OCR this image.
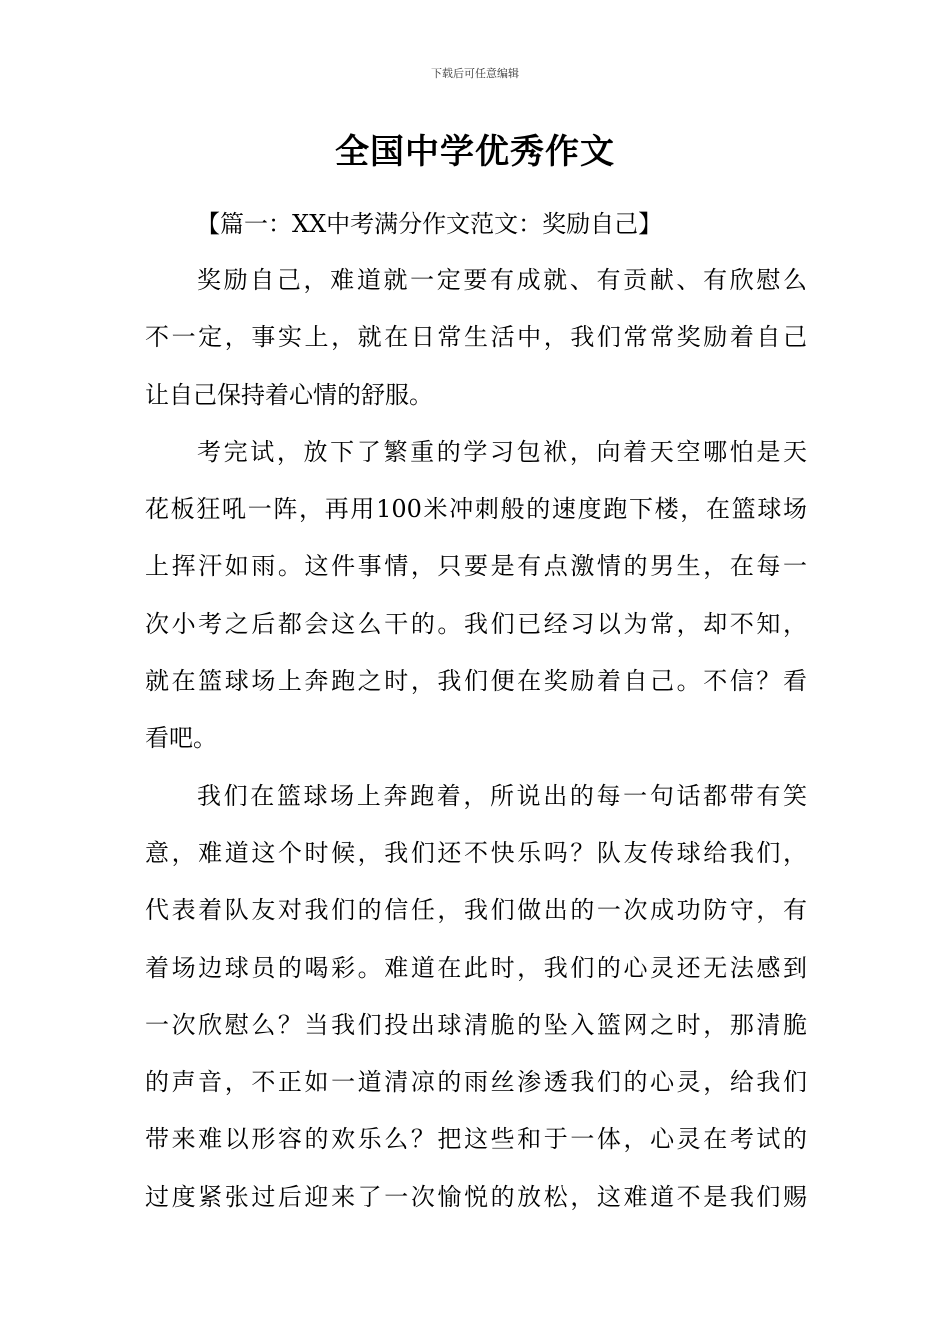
下载后可任意编辑
全国中学优秀作文
【篇一：XX中考满分作文范文：奖励自己】
奖励自己，难道就一定要有成就、有贡献、有欣慰么
不一定，事实上，就在日常生活中，我们常常奖励着自己
让自己保持着心情的舒服。
考完试，放下了繁重的学习包袱，向着天空哪怕是天
花板狂吼一阵，再用100米冲刺般的速度跑下楼，在篮球场
上挥汗如雨。这件事情，只要是有点激情的男生，在每一
次小考之后都会这么干的。我们已经习以为常，却不知，
就在篮球场上奔跑之时，我们便在奖励着自己。不信？看
看吧。
我们在篮球场上奔跑着，所说出的每一句话都带有笑
意，难道这个时候，我们还不快乐吗？队友传球给我们，
代表着队友对我们的信任，我们做出的一次成功防守，有
着场边球员的喝彩。难道在此时，我们的心灵还无法感到
一次欣慰么？当我们投出球清脆的坠入篮网之时，那清脆
的声音，不正如一道清凉的雨丝渗透我们的心灵，给我们
带来难以形容的欢乐么？把这些和于一体，心灵在考试的
过度紧张过后迎来了一次愉悦的放松，这难道不是我们赐
